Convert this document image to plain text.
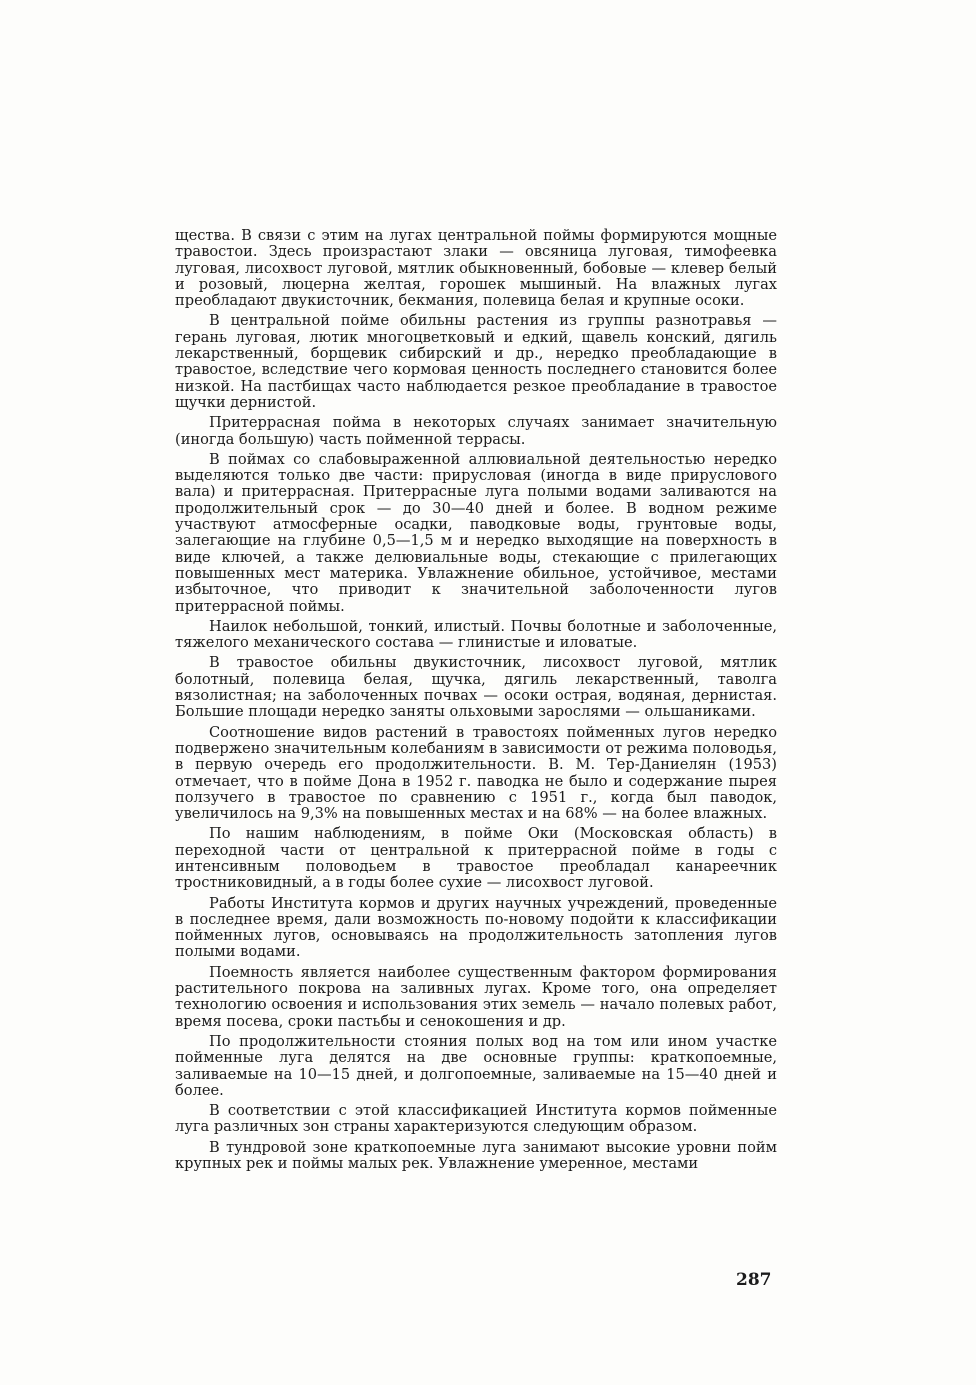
щества. В связи с этим на лугах центральной поймы формируются мощные травостои. Здесь произрастают злаки — овсяница луговая, тимофеевка луговая, лисохвост луговой, мятлик обыкновенный, бобовые — клевер белый и розовый, люцерна желтая, горошек мышиный. На влажных лугах преобладают двукисточник, бекмания, полевица белая и крупные осоки.

В центральной пойме обильны растения из группы разнотравья — герань луговая, лютик многоцветковый и едкий, щавель конский, дягиль лекарственный, борщевик сибирский и др., нередко преобладающие в травостое, вследствие чего кормовая ценность последнего становится более низкой. На пастбищах часто наблюдается резкое преобладание в травостое щучки дернистой.

Притеррасная пойма в некоторых случаях занимает значительную (иногда большую) часть пойменной террасы.

В поймах со слабовыраженной аллювиальной деятельностью нередко выделяются только две части: прирусловая (иногда в виде прируслового вала) и притеррасная. Притеррасные луга полыми водами заливаются на продолжительный срок — до 30—40 дней и более. В водном режиме участвуют атмосферные осадки, паводковые воды, грунтовые воды, залегающие на глубине 0,5—1,5 м и нередко выходящие на поверхность в виде ключей, а также делювиальные воды, стекающие с прилегающих повышенных мест материка. Увлажнение обильное, устойчивое, местами избыточное, что приводит к значительной заболоченности лугов притеррасной поймы.

Наилок небольшой, тонкий, илистый. Почвы болотные и заболоченные, тяжелого механического состава — глинистые и иловатые.

В травостое обильны двукисточник, лисохвост луговой, мятлик болотный, полевица белая, щучка, дягиль лекарственный, таволга вязолистная; на заболоченных почвах — осоки острая, водяная, дернистая. Большие площади нередко заняты ольховыми зарослями — ольшаниками.

Соотношение видов растений в травостоях пойменных лугов нередко подвержено значительным колебаниям в зависимости от режима половодья, в первую очередь его продолжительности. В. М. Тер-Даниелян (1953) отмечает, что в пойме Дона в 1952 г. паводка не было и содержание пырея ползучего в травостое по сравнению с 1951 г., когда был паводок, увеличилось на 9,3% на повышенных местах и на 68% — на более влажных.

По нашим наблюдениям, в пойме Оки (Московская область) в переходной части от центральной к притеррасной пойме в годы с интенсивным половодьем в травостое преобладал канареечник тростниковидный, а в годы более сухие — лисохвост луговой.

Работы Института кормов и других научных учреждений, проведенные в последнее время, дали возможность по-новому подойти к классификации пойменных лугов, основываясь на продолжительность затопления лугов полыми водами.

Поемность является наиболее существенным фактором формирования растительного покрова на заливных лугах. Кроме того, она определяет технологию освоения и использования этих земель — начало полевых работ, время посева, сроки пастьбы и сенокошения и др.

По продолжительности стояния полых вод на том или ином участке пойменные луга делятся на две основные группы: краткопоемные, заливаемые на 10—15 дней, и долгопоемные, заливаемые на 15—40 дней и более.

В соответствии с этой классификацией Института кормов пойменные луга различных зон страны характеризуются следующим образом.

В тундровой зоне краткопоемные луга занимают высокие уровни пойм крупных рек и поймы малых рек. Увлажнение умеренное, местами

287
